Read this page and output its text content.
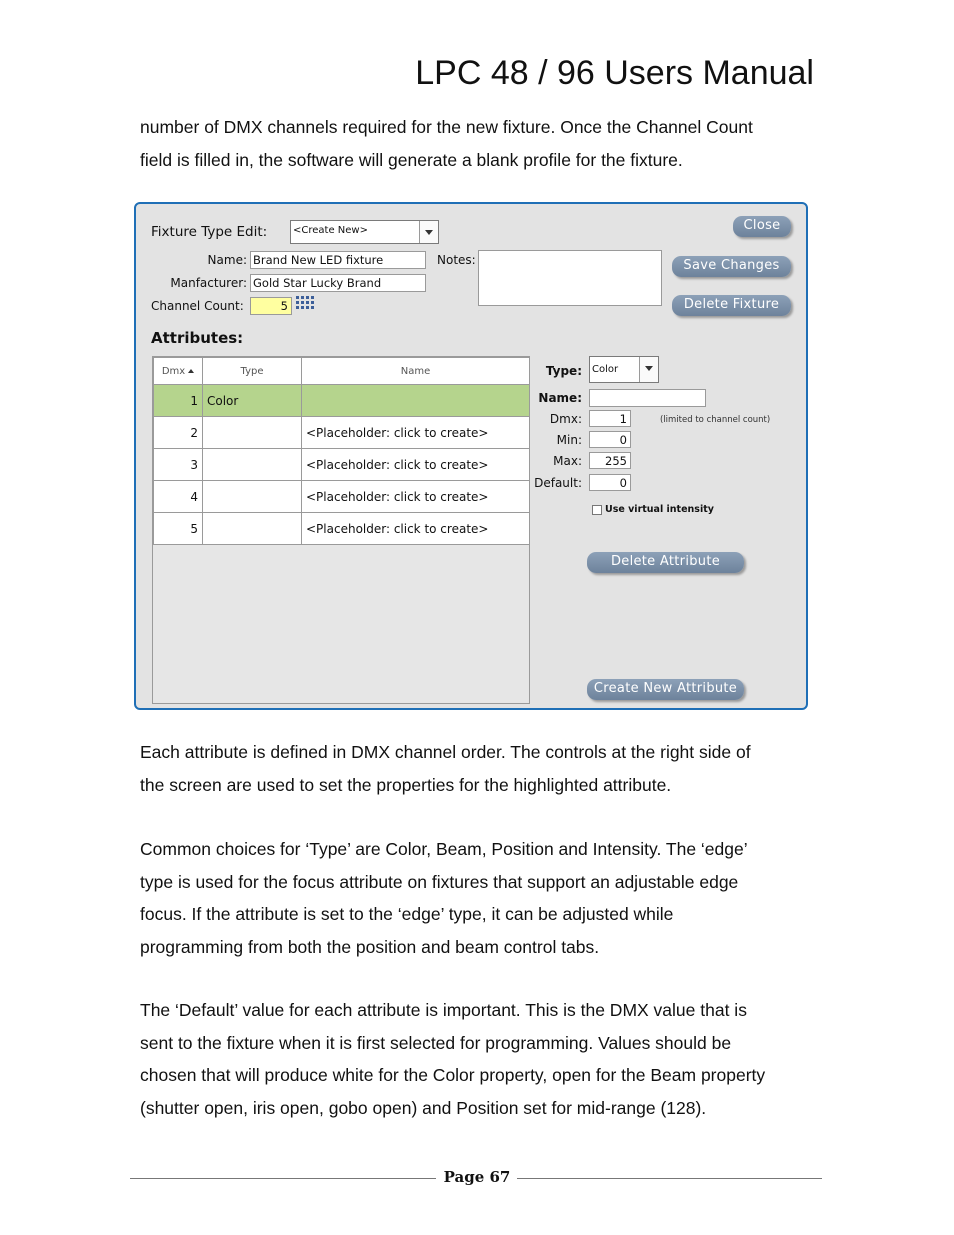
LPC 48 / 96 Users Manual

number of DMX channels required for the new fixture. Once the Channel Count

field is filled in, the software will generate a blank profile for the fixture.

Fixture Type Edit:	<Create New>
Name: Brand New LED fixture
Manfacturer: Gold Star Lucky Brand
Channel Count:	5
Notes:
Close
Save Changes
Delete Fixture
Attributes:
Dmx	Type	Name
1	Color	
2		<Placeholder: click to create>
3		<Placeholder: click to create>
4		<Placeholder: click to create>
5		<Placeholder: click to create>
Type: Color
Name:
Dmx:	1	(limited to channel count)
Min:	0
Max:	255
Default:	0
Use virtual intensity
Delete Attribute
Create New Attribute

Each attribute is defined in DMX channel order. The controls at the right side of

the screen are used to set the properties for the highlighted attribute.

Common choices for ‘Type’ are Color, Beam, Position and Intensity. The ‘edge’

type is used for the focus attribute on fixtures that support an adjustable edge

focus. If the attribute is set to the ‘edge’ type, it can be adjusted while

programming from both the position and beam control tabs.

The ‘Default’ value for each attribute is important. This is the DMX value that is

sent to the fixture when it is first selected for programming. Values should be

chosen that will produce white for the Color property, open for the Beam property

(shutter open, iris open, gobo open) and Position set for mid-range (128).

Page 67
